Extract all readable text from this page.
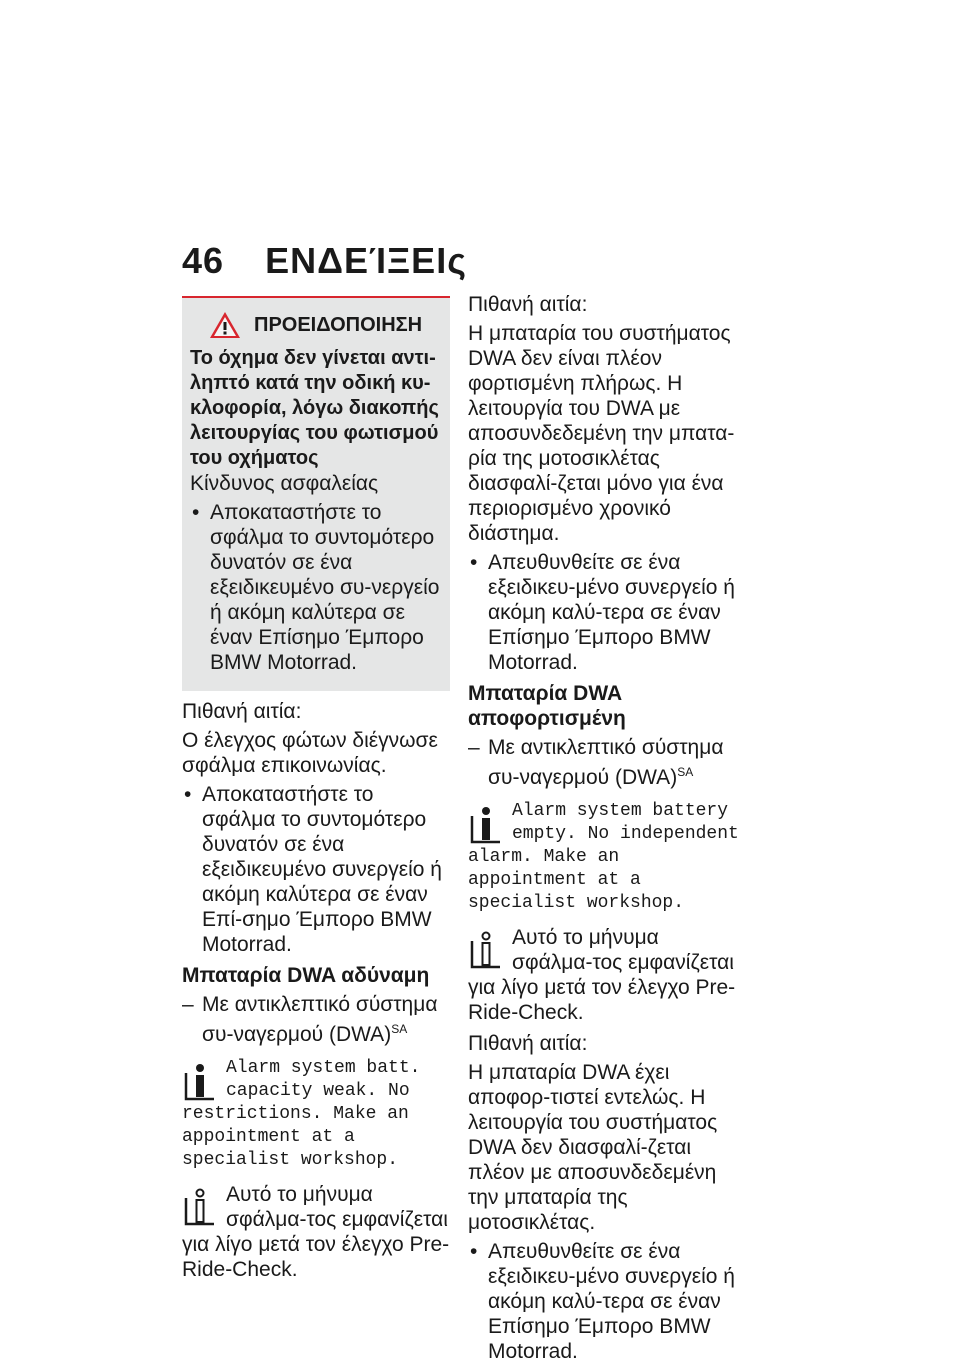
46 ΕΝΔΕΊΞΕΙς
ΠΡΟΕΙΔΟΠΟΙΗΣΗ
Το όχημα δεν γίνεται αντι-ληπτό κατά την οδική κυ-κλοφορία, λόγω διακοπής λειτουργίας του φωτισμού του οχήματος
Κίνδυνος ασφαλείας
• Αποκαταστήστε το σφάλμα το συντομότερο δυνατόν σε ένα εξειδικευμένο συ-νεργείο ή ακόμη καλύτερα σε έναν Επίσημο Έμπορο BMW Motorrad.
Πιθανή αιτία:
Ο έλεγχος φώτων διέγνωσε σφάλμα επικοινωνίας.
• Αποκαταστήστε το σφάλμα το συντομότερο δυνατόν σε ένα εξειδικευμένο συνεργείο ή ακόμη καλύτερα σε έναν Επί-σημο Έμπορο BMW Motorrad.
Μπαταρία DWA αδύναμη
– Με αντικλεπτικό σύστημα συ-ναγερμού (DWA)$^{SA}$
Alarm system batt. capacity weak. No restrictions. Make an appointment at a specialist workshop.
Αυτό το μήνυμα σφάλμα-τος εμφανίζεται για λίγο μετά τον έλεγχο Pre-Ride-Check.
Πιθανή αιτία:
Η μπαταρία του συστήματος DWA δεν είναι πλέον φορτισμένη πλήρως. Η λειτουργία του DWA με αποσυνδεδεμένη την μπατα-ρία της μοτοσικλέτας διασφαλί-ζεται μόνο για ένα περιορισμένο χρονικό διάστημα.
• Απευθυνθείτε σε ένα εξειδικευ-μένο συνεργείο ή ακόμη καλύ-τερα σε έναν Επίσημο Έμπορο BMW Motorrad.
Μπαταρία DWA αποφορτισμένη
– Με αντικλεπτικό σύστημα συ-ναγερμού (DWA)$^{SA}$
Alarm system battery empty. No independent alarm. Make an appointment at a specialist workshop.
Αυτό το μήνυμα σφάλμα-τος εμφανίζεται για λίγο μετά τον έλεγχο Pre-Ride-Check.
Πιθανή αιτία:
Η μπαταρία DWA έχει αποφορ-τιστεί εντελώς. Η λειτουργία του συστήματος DWA δεν διασφαλί-ζεται πλέον με αποσυνδεδεμένη την μπαταρία της μοτοσικλέτας.
• Απευθυνθείτε σε ένα εξειδικευ-μένο συνεργείο ή ακόμη καλύ-τερα σε έναν Επίσημο Έμπορο BMW Motorrad.
